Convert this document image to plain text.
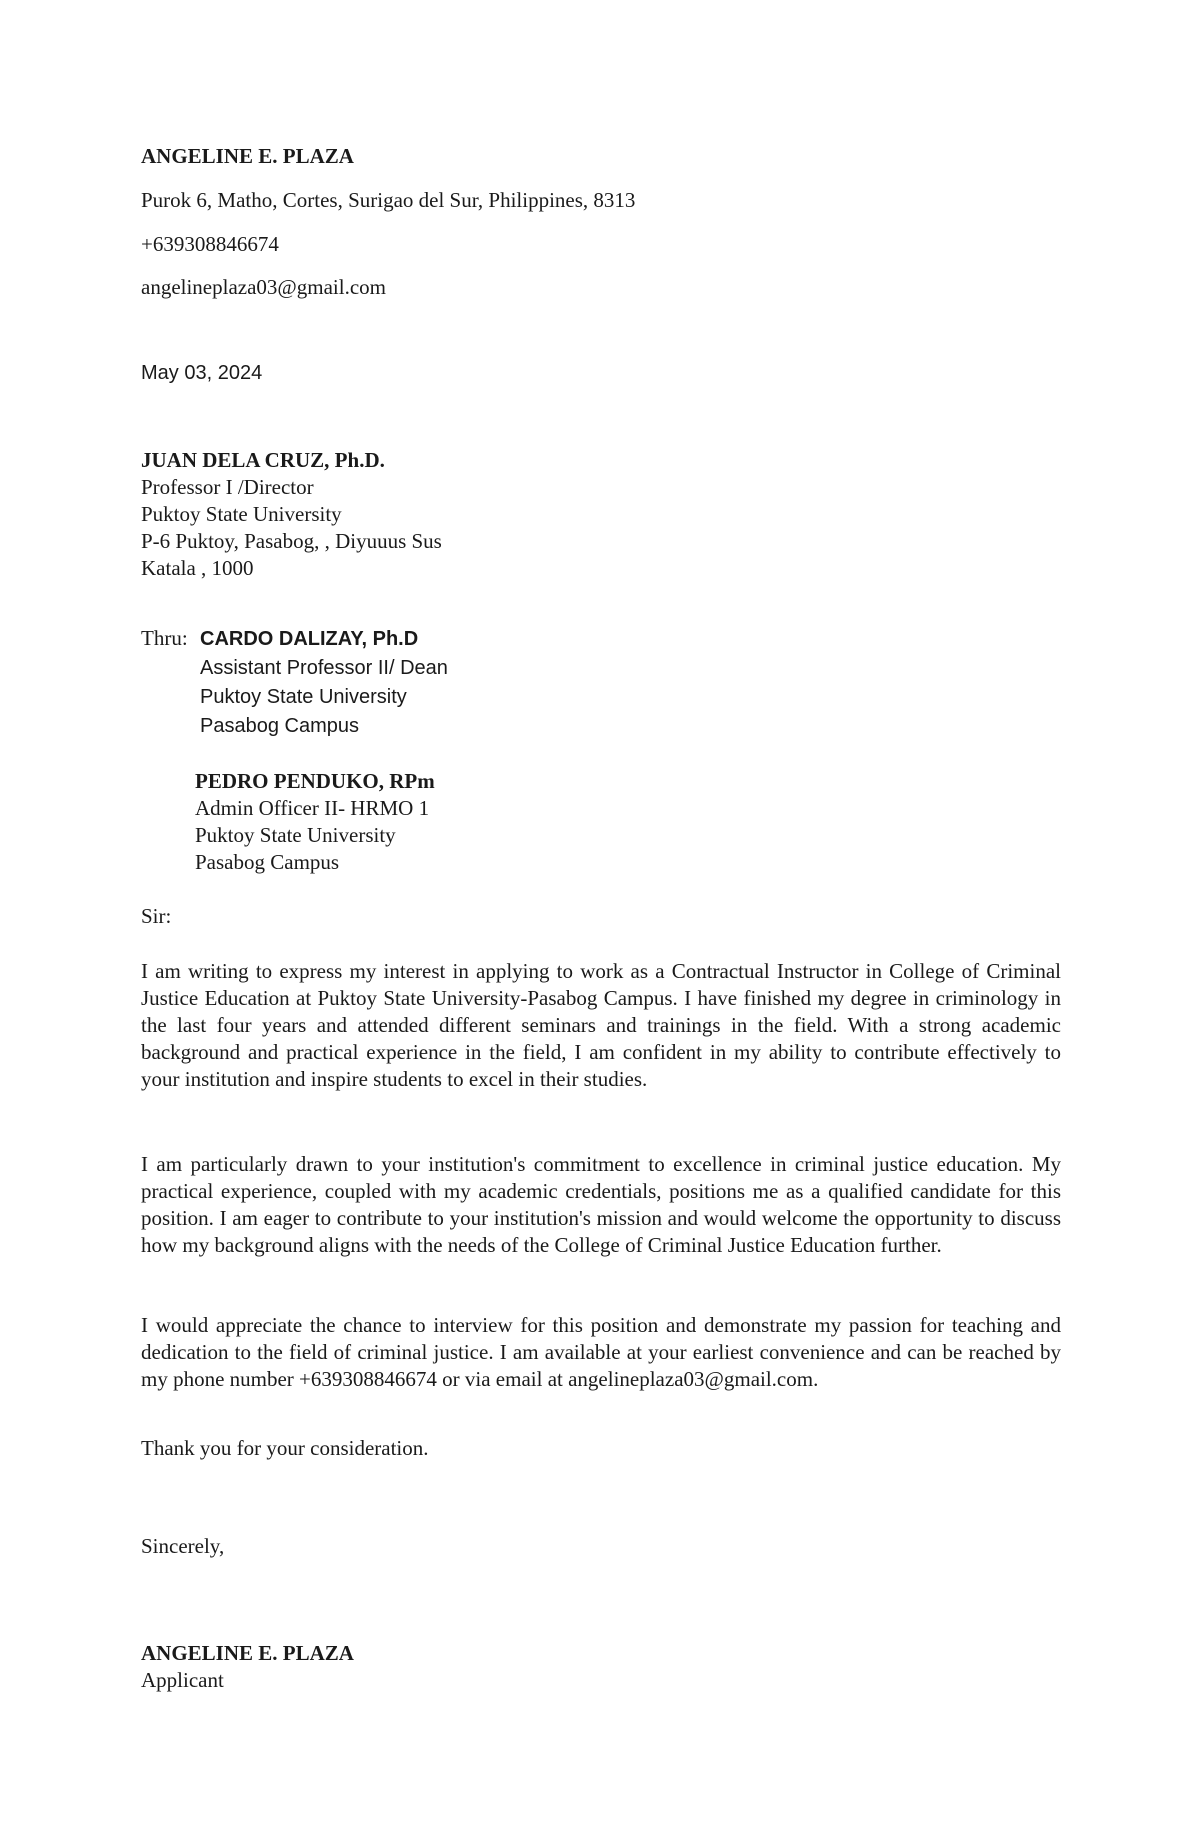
ANGELINE E. PLAZA

Purok 6, Matho, Cortes, Surigao del Sur, Philippines, 8313

+639308846674

angelineplaza03@gmail.com

May 03, 2024

JUAN DELA CRUZ, Ph.D.
Professor I /Director
Puktoy State University
P-6 Puktoy, Pasabog, , Diyuuus Sus
Katala , 1000

Thru: CARDO DALIZAY, Ph.D
Assistant Professor II/ Dean
Puktoy State University
Pasabog Campus
PEDRO PENDUKO, RPm
Admin Officer II- HRMO 1
Puktoy State University
Pasabog Campus

Sir:

I am writing to express my interest in applying to work as a Contractual Instructor in College of Criminal Justice Education at Puktoy State University-Pasabog Campus. I have finished my degree in criminology in the last four years and attended different seminars and trainings in the field. With a strong academic background and practical experience in the field, I am confident in my ability to contribute effectively to your institution and inspire students to excel in their studies.

I am particularly drawn to your institution's commitment to excellence in criminal justice education. My practical experience, coupled with my academic credentials, positions me as a qualified candidate for this position. I am eager to contribute to your institution's mission and would welcome the opportunity to discuss how my background aligns with the needs of the College of Criminal Justice Education further.

I would appreciate the chance to interview for this position and demonstrate my passion for teaching and dedication to the field of criminal justice. I am available at your earliest convenience and can be reached by my phone number +639308846674 or via email at angelineplaza03@gmail.com.

Thank you for your consideration.

Sincerely,

ANGELINE E. PLAZA
Applicant
